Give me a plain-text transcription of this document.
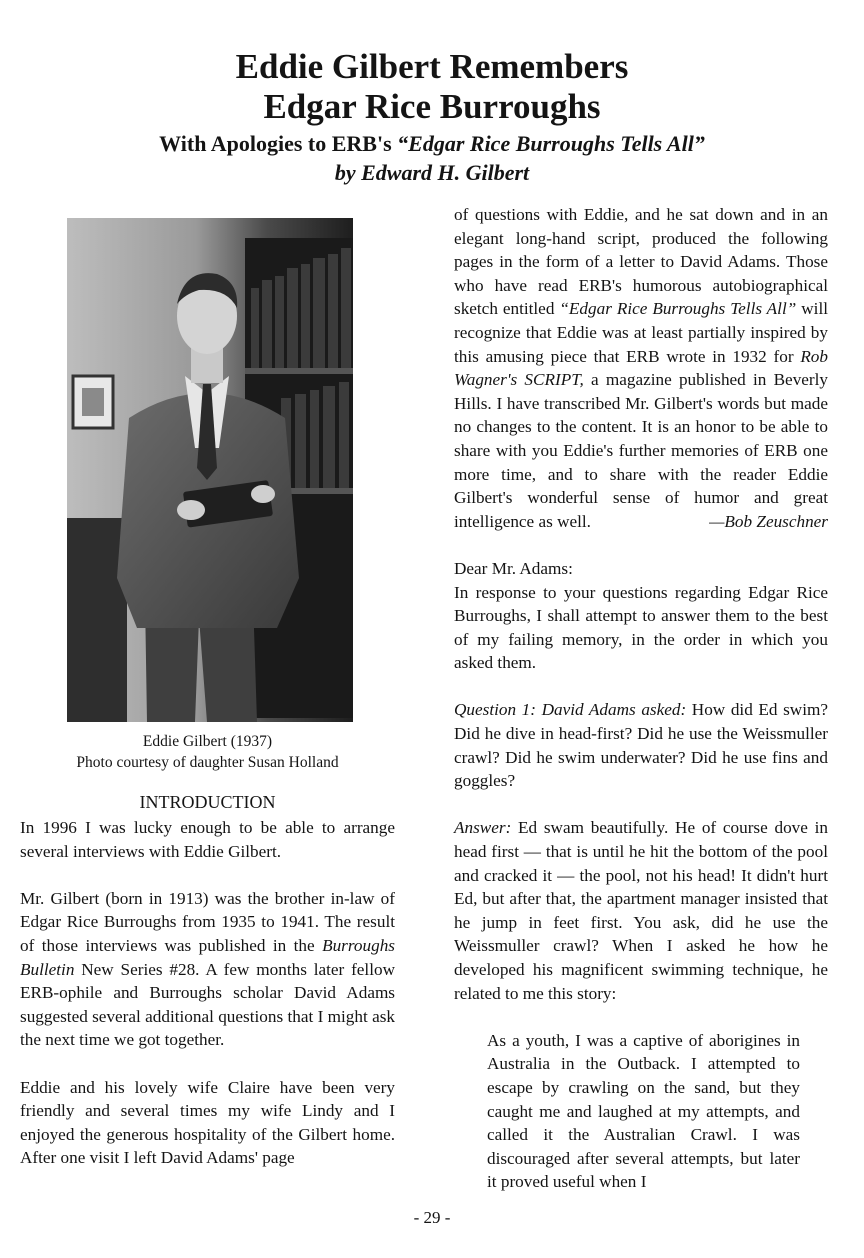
Eddie Gilbert Remembers
Edgar Rice Burroughs
With Apologies to ERB's “Edgar Rice Burroughs Tells All”
by Edward H. Gilbert
Eddie Gilbert (1937)
Photo courtesy of daughter Susan Holland
INTRODUCTION

In 1996 I was lucky enough to be able to arrange several interviews with Eddie Gilbert.

Mr. Gilbert (born in 1913) was the brother in-law of Edgar Rice Burroughs from 1935 to 1941. The result of those interviews was published in the Burroughs Bulletin New Series #28. A few months later fellow ERB-ophile and Burroughs scholar David Adams suggested several additional questions that I might ask the next time we got together.

Eddie and his lovely wife Claire have been very friendly and several times my wife Lindy and I enjoyed the generous hospitality of the Gilbert home. After one visit I left David Adams' page

of questions with Eddie, and he sat down and in an elegant long-hand script, produced the following pages in the form of a letter to David Adams. Those who have read ERB's humorous autobiographical sketch entitled “Edgar Rice Burroughs Tells All” will recognize that Eddie was at least partially inspired by this amusing piece that ERB wrote in 1932 for Rob Wagner's SCRIPT, a magazine published in Beverly Hills. I have transcribed Mr. Gilbert's words but made no changes to the content. It is an honor to be able to share with you Eddie's further memories of ERB one more time, and to share with the reader Eddie Gilbert's wonderful sense of humor and great intelligence as well.	—Bob Zeuschner

Dear Mr. Adams:

In response to your questions regarding Edgar Rice Burroughs, I shall attempt to answer them to the best of my failing memory, in the order in which you asked them.

Question 1: David Adams asked: How did Ed swim? Did he dive in head-first? Did he use the Weissmuller crawl? Did he swim underwater? Did he use fins and goggles?

Answer: Ed swam beautifully. He of course dove in head first — that is until he hit the bottom of the pool and cracked it — the pool, not his head! It didn't hurt Ed, but after that, the apartment manager insisted that he jump in feet first. You ask, did he use the Weissmuller crawl? When I asked he how he developed his magnificent swimming technique, he related to me this story:

As a youth, I was a captive of aborigines in Australia in the Outback. I attempted to escape by crawling on the sand, but they caught me and laughed at my attempts, and called it the Australian Crawl. I was discouraged after several attempts, but later it proved useful when I
- 29 -
